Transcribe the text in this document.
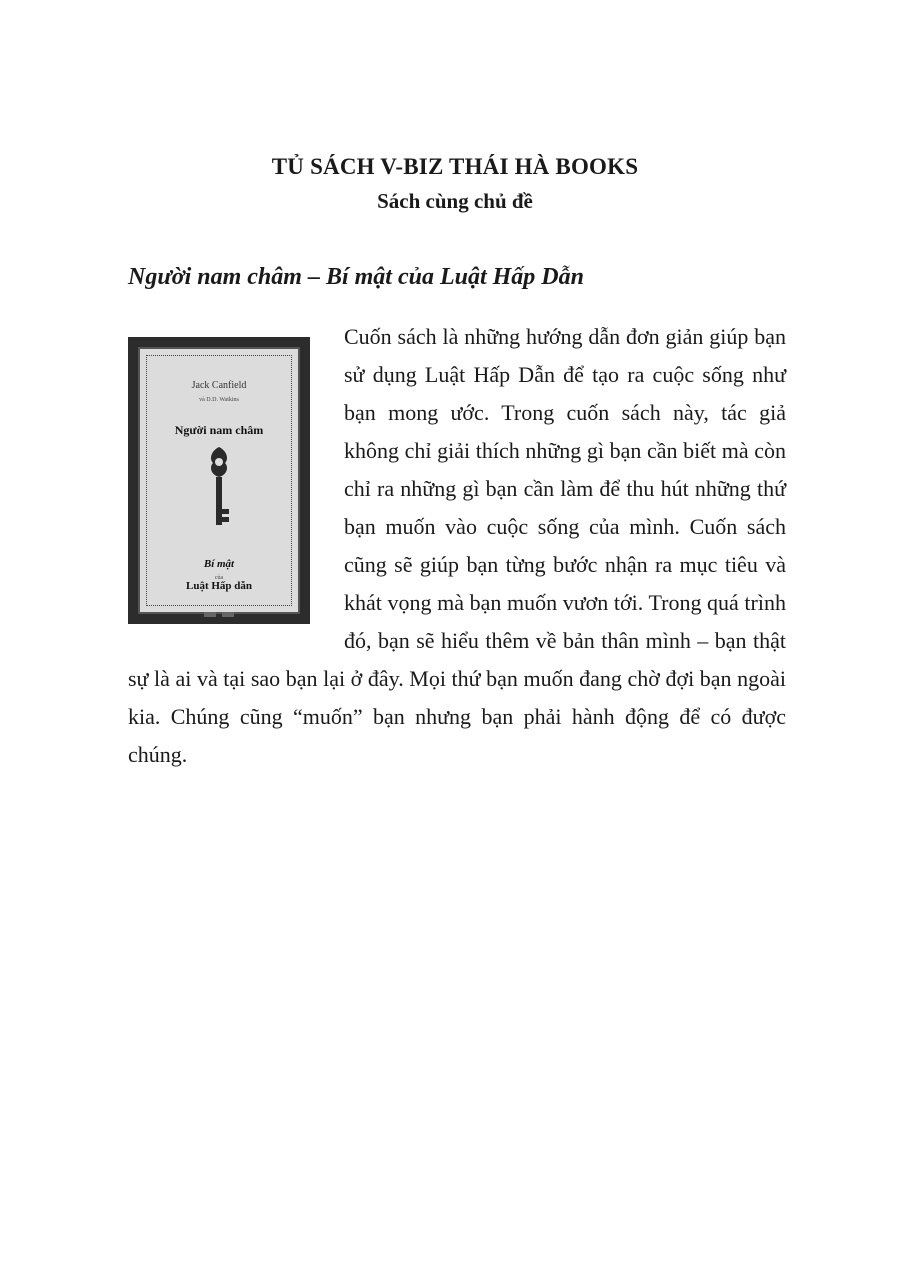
TỦ SÁCH V-BIZ THÁI HÀ BOOKS
Sách cùng chủ đề
Người nam châm – Bí mật của Luật Hấp Dẫn
Jack Canfield
và D.D. Watkins
Người nam châm
Bí mật
của
Luật Hấp dẫn

Cuốn sách là những hướng dẫn đơn giản giúp bạn sử dụng Luật Hấp Dẫn để tạo ra cuộc sống như bạn mong ước. Trong cuốn sách này, tác giả không chỉ giải thích những gì bạn cần biết mà còn chỉ ra những gì bạn cần làm để thu hút những thứ bạn muốn vào cuộc sống của mình. Cuốn sách cũng sẽ giúp bạn từng bước nhận ra mục tiêu và khát vọng mà bạn muốn vươn tới. Trong quá trình đó, bạn sẽ hiểu thêm về bản thân mình – bạn thật sự là ai và tại sao bạn lại ở đây. Mọi thứ bạn muốn đang chờ đợi bạn ngoài kia. Chúng cũng “muốn” bạn nhưng bạn phải hành động để có được chúng.
